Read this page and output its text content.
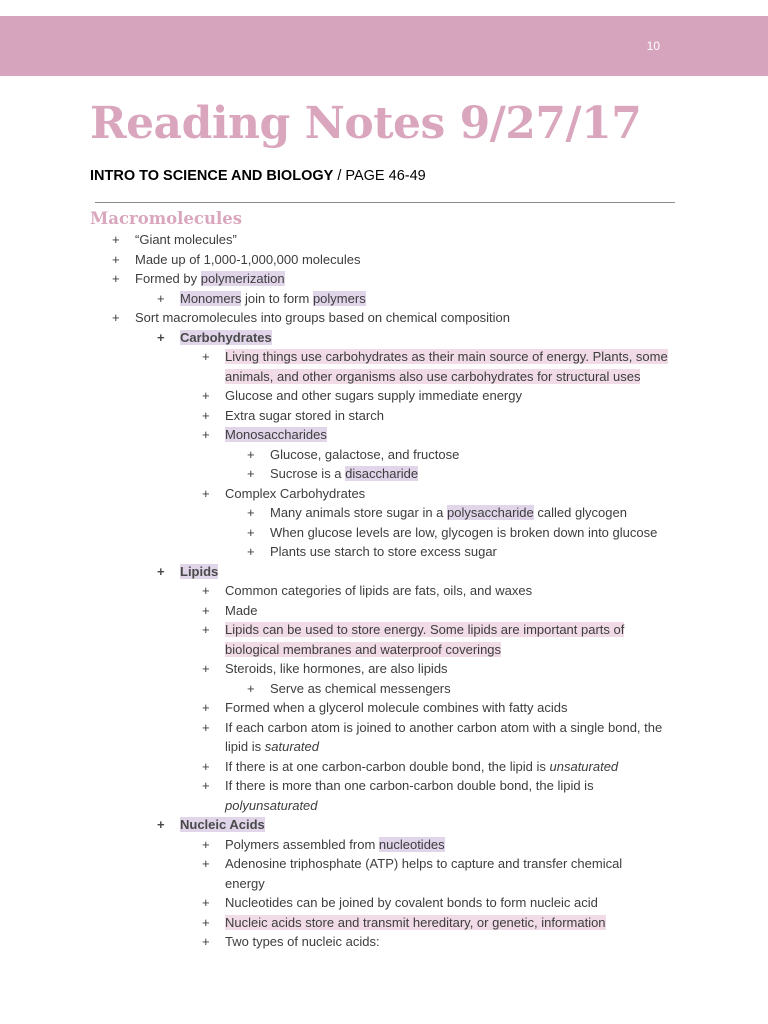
10
Reading Notes 9/27/17
INTRO TO SCIENCE AND BIOLOGY / PAGE 46-49
Macromolecules
+	“Giant molecules”
+	Made up of 1,000-1,000,000 molecules
+	Formed by polymerization
+	Monomers join to form polymers
+	Sort macromolecules into groups based on chemical composition
+	Carbohydrates
+	Living things use carbohydrates as their main source of energy. Plants, some
animals, and other organisms also use carbohydrates for structural uses
+	Glucose and other sugars supply immediate energy
+	Extra sugar stored in starch
+	Monosaccharides
+	Glucose, galactose, and fructose
+	Sucrose is a disaccharide
+	Complex Carbohydrates
+	Many animals store sugar in a polysaccharide called glycogen
+	When glucose levels are low, glycogen is broken down into glucose
+	Plants use starch to store excess sugar
+	Lipids
+	Common categories of lipids are fats, oils, and waxes
+	Made
+	Lipids can be used to store energy. Some lipids are important parts of
biological membranes and waterproof coverings
+	Steroids, like hormones, are also lipids
+	Serve as chemical messengers
+	Formed when a glycerol molecule combines with fatty acids
+	If each carbon atom is joined to another carbon atom with a single bond, the
lipid is saturated
+	If there is at one carbon-carbon double bond, the lipid is unsaturated
+	If there is more than one carbon-carbon double bond, the lipid is
polyunsaturated
+	Nucleic Acids
+	Polymers assembled from nucleotides
+	Adenosine triphosphate (ATP) helps to capture and transfer chemical
energy
+	Nucleotides can be joined by covalent bonds to form nucleic acid
+	Nucleic acids store and transmit hereditary, or genetic, information
+	Two types of nucleic acids:
